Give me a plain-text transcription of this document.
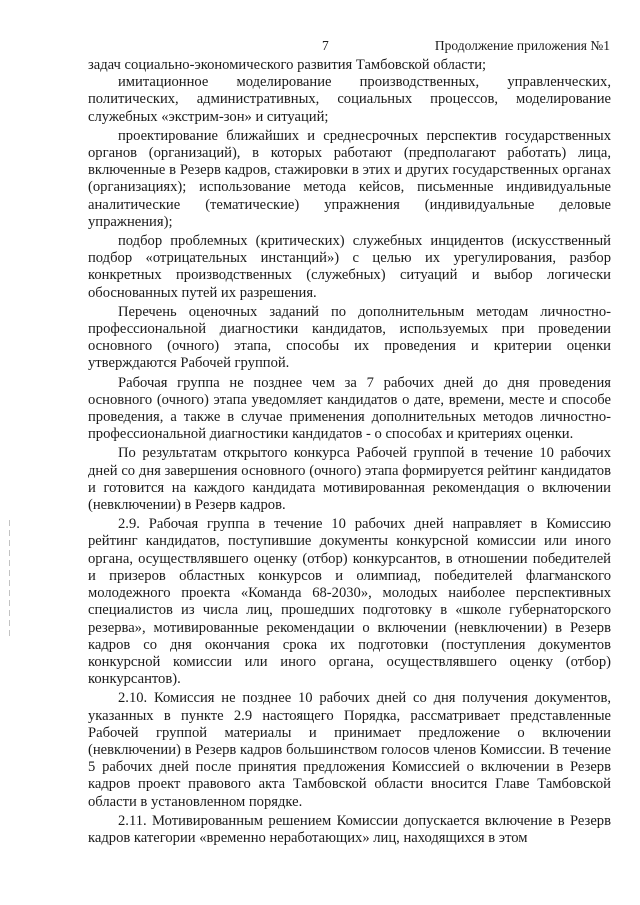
7	Продолжение приложения №1

задач социально-экономического развития Тамбовской области;

имитационное моделирование производственных, управленческих, политических, административных, социальных процессов, моделирование служебных «экстрим-зон» и ситуаций;

проектирование ближайших и среднесрочных перспектив государственных органов (организаций), в которых работают (предполагают работать) лица, включенные в Резерв кадров, стажировки в этих и других государственных органах (организациях); использование метода кейсов, письменные индивидуальные аналитические (тематические) упражнения (индивидуальные деловые упражнения);

подбор проблемных (критических) служебных инцидентов (искусственный подбор «отрицательных инстанций») с целью их урегулирования, разбор конкретных производственных (служебных) ситуаций и выбор логически обоснованных путей их разрешения.

Перечень оценочных заданий по дополнительным методам личностно-профессиональной диагностики кандидатов, используемых при проведении основного (очного) этапа, способы их проведения и критерии оценки утверждаются Рабочей группой.

Рабочая группа не позднее чем за 7 рабочих дней до дня проведения основного (очного) этапа уведомляет кандидатов о дате, времени, месте и способе проведения, а также в случае применения дополнительных методов личностно-профессиональной диагностики кандидатов - о способах и критериях оценки.

По результатам открытого конкурса Рабочей группой в течение 10 рабочих дней со дня завершения основного (очного) этапа формируется рейтинг кандидатов и готовится на каждого кандидата мотивированная рекомендация о включении (невключении) в Резерв кадров.

2.9. Рабочая группа в течение 10 рабочих дней направляет в Комиссию рейтинг кандидатов, поступившие документы конкурсной комиссии или иного органа, осуществлявшего оценку (отбор) конкурсантов, в отношении победителей и призеров областных конкурсов и олимпиад, победителей флагманского молодежного проекта «Команда 68-2030», молодых наиболее перспективных специалистов из числа лиц, прошедших подготовку в «школе губернаторского резерва», мотивированные рекомендации о включении (невключении) в Резерв кадров со дня окончания срока их подготовки (поступления документов конкурсной комиссии или иного органа, осуществлявшего оценку (отбор) конкурсантов).

2.10. Комиссия не позднее 10 рабочих дней со дня получения документов, указанных в пункте 2.9 настоящего Порядка, рассматривает представленные Рабочей группой материалы и принимает предложение о включении (невключении) в Резерв кадров большинством голосов членов Комиссии. В течение 5 рабочих дней после принятия предложения Комиссией о включении в Резерв кадров проект правового акта Тамбовской области вносится Главе Тамбовской области в установленном порядке.

2.11. Мотивированным решением Комиссии допускается включение в Резерв кадров категории «временно неработающих» лиц, находящихся в этом
